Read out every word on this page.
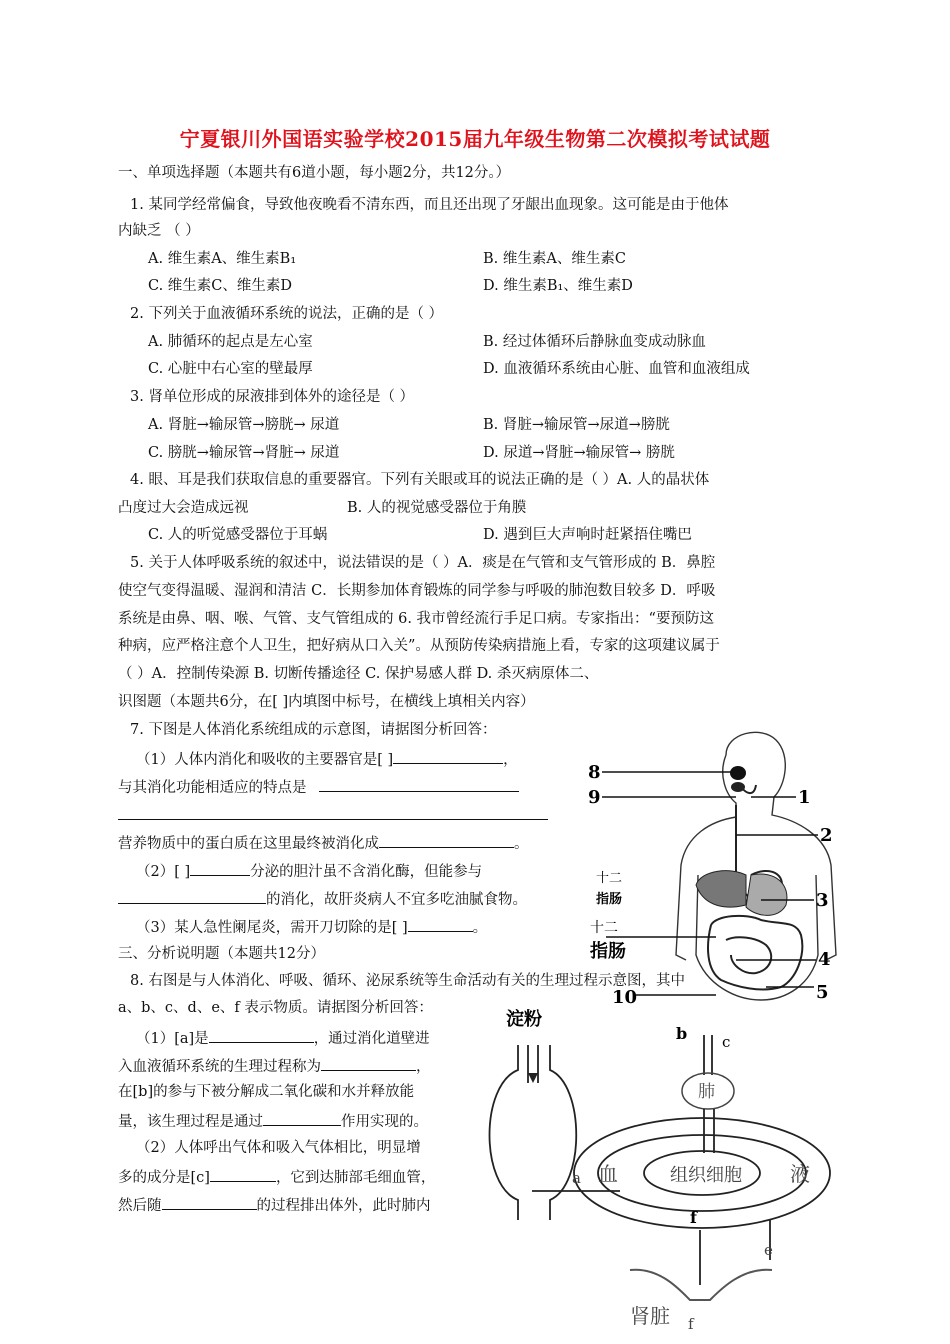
宁夏银川外国语实验学校2015届九年级生物第二次模拟考试试题
一、单项选择题（本题共有6道小题，每小题2分，共12分。）
1. 某同学经常偏食，导致他夜晚看不清东西，而且还出现了牙龈出血现象。这可能是由于他体
内缺乏 （ ）
A. 维生素A、维生素B₁	B. 维生素A、维生素C
C. 维生素C、维生素D	D. 维生素B₁、维生素D
2. 下列关于血液循环系统的说法，正确的是（ ）
A. 肺循环的起点是左心室	B. 经过体循环后静脉血变成动脉血
C. 心脏中右心室的壁最厚	D. 血液循环系统由心脏、血管和血液组成
3. 肾单位形成的尿液排到体外的途径是（ ）
A. 肾脏→输尿管→膀胱→ 尿道	B. 肾脏→输尿管→尿道→膀胱
C. 膀胱→输尿管→肾脏→ 尿道	D. 尿道→肾脏→输尿管→ 膀胱
4. 眼、耳是我们获取信息的重要器官。下列有关眼或耳的说法正确的是（ ）A. 人的晶状体
凸度过大会造成远视	B. 人的视觉感受器位于角膜
C. 人的听觉感受器位于耳蜗	D. 遇到巨大声响时赶紧捂住嘴巴
5. 关于人体呼吸系统的叙述中，说法错误的是（ ）A．痰是在气管和支气管形成的 B．鼻腔
使空气变得温暖、湿润和清洁 C．长期参加体育锻炼的同学参与呼吸的肺泡数目较多 D．呼吸
系统是由鼻、咽、喉、气管、支气管组成的 6. 我市曾经流行手足口病。专家指出：“要预防这
种病，应严格注意个人卫生，把好病从口入关”。从预防传染病措施上看，专家的这项建议属于
（ ）A．控制传染源 B. 切断传播途径 C. 保护易感人群 D. 杀灭病原体二、
识图题（本题共6分，在[ ]内填图中标号，在横线上填相关内容）
7. 下图是人体消化系统组成的示意图，请据图分析回答：
（1）人体内消化和吸收的主要器官是[ ]	，
与其消化功能相适应的特点是
营养物质中的蛋白质在这里最终被消化成	。
（2）[ ]	分泌的胆汁虽不含消化酶，但能参与
的消化，故肝炎病人不宜多吃油腻食物。
（3）某人急性阑尾炎，需开刀切除的是[ ]	。
三、分析说明题（本题共12分）
8. 右图是与人体消化、呼吸、循环、泌尿系统等生命活动有关的生理过程示意图，其中
a、b、c、d、e、f 表示物质。请据图分析回答：
（1）[a]是	，通过消化道壁进
入血液循环系统的生理过程称为	，
在[b]的参与下被分解成二氧化碳和水并释放能
量，该生理过程是通过	作用实现的。
（2）人体呼出气体和吸入气体相比，明显增
多的成分是[c]	，它到达肺部毛细血管，
然后随	的过程排出体外，此时肺内
8
9	1
2
3
4
5
10
十二
指肠
十二
指肠
淀粉
b c
肺
血	组织细胞 液
a
f
肾脏
e
f
